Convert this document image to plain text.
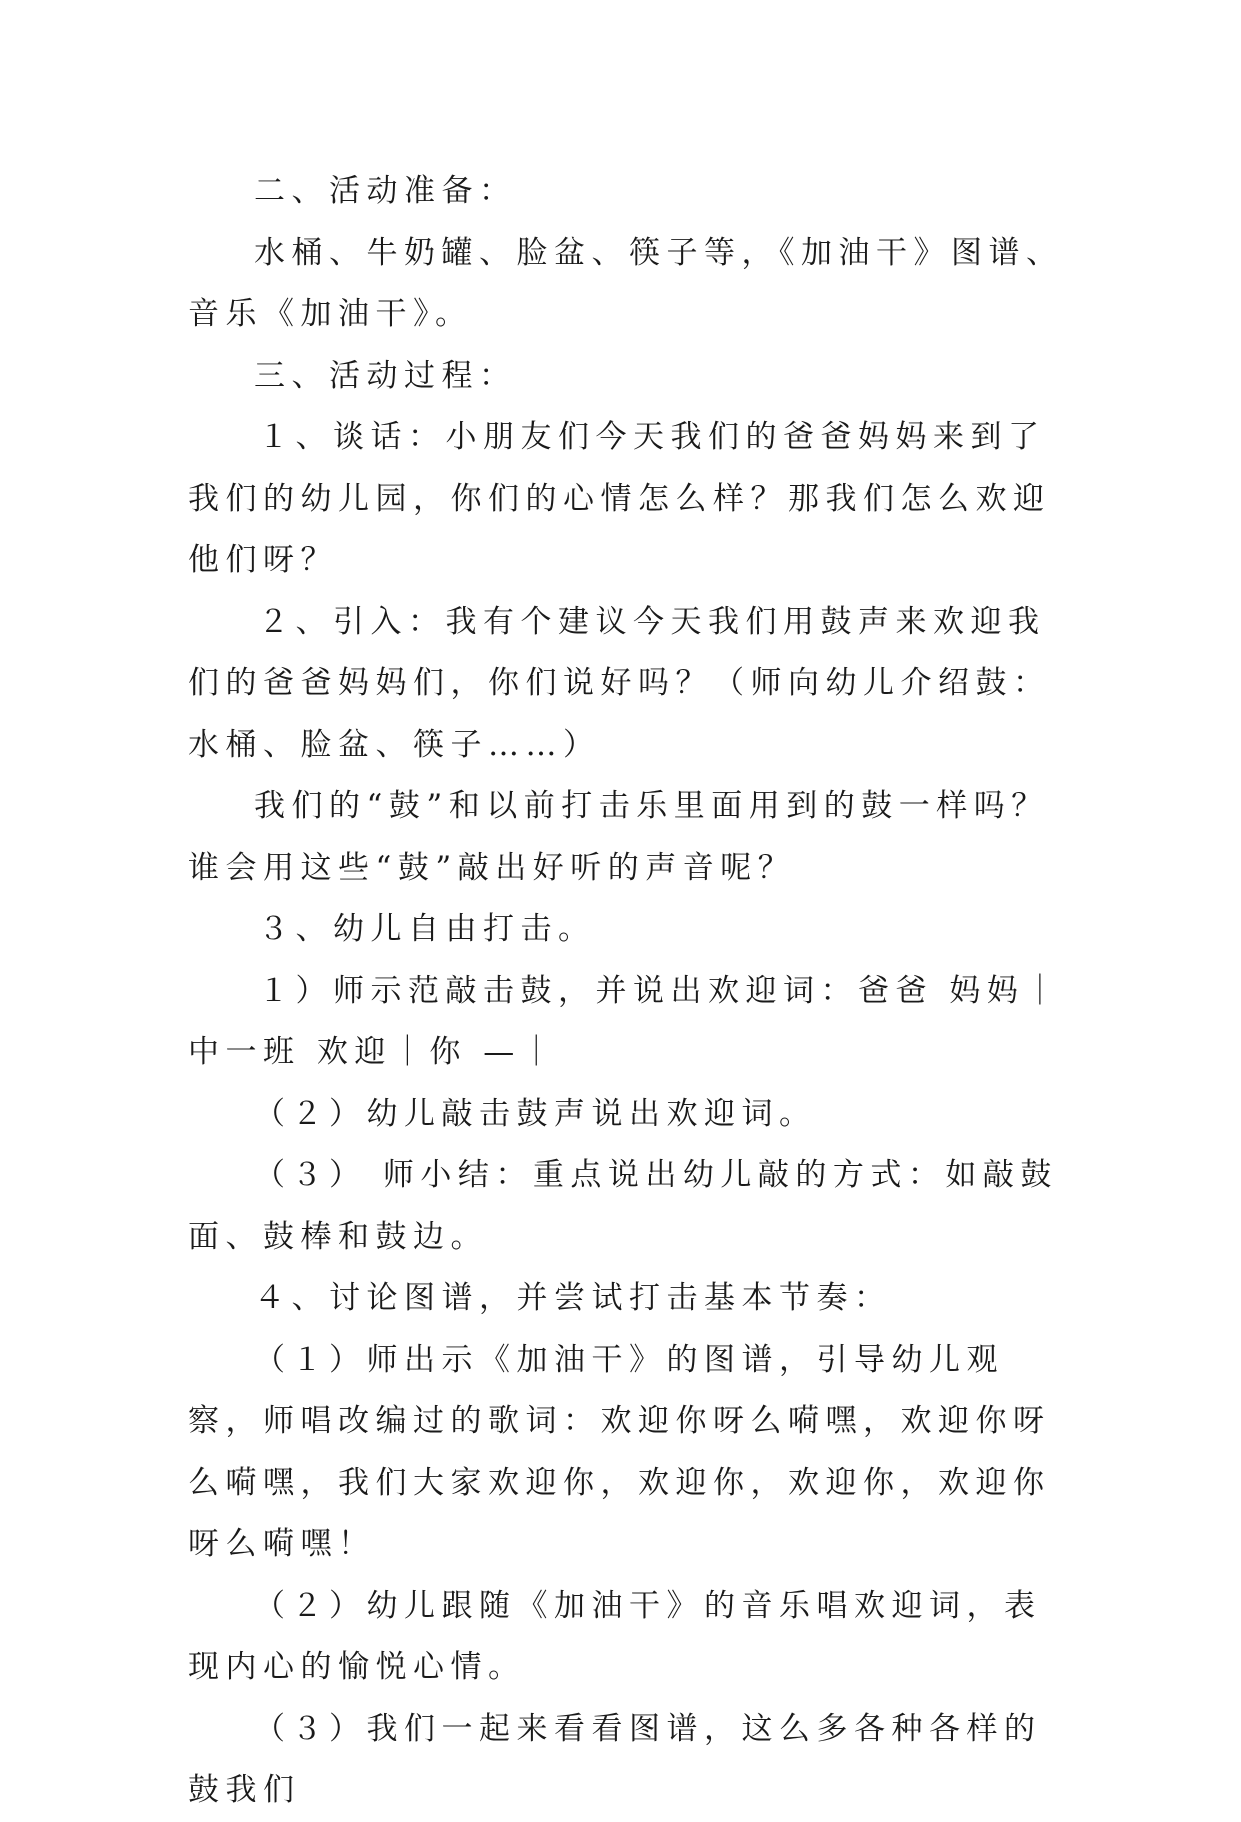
二、活动准备：

水桶、牛奶罐、脸盆、筷子等，《加油干》图谱、音乐《加油干》。

三、活动过程：

１、谈话：小朋友们今天我们的爸爸妈妈来到了我们的幼儿园，你们的心情怎么样？那我们怎么欢迎他们呀？

２、引入：我有个建议今天我们用鼓声来欢迎我们的爸爸妈妈们，你们说好吗？（师向幼儿介绍鼓：水桶、脸盆、筷子……）

我们的“鼓”和以前打击乐里面用到的鼓一样吗？谁会用这些“鼓”敲出好听的声音呢？

３、幼儿自由打击。

１）师示范敲击鼓，并说出欢迎词：爸爸 妈妈｜中一班 欢迎｜你 —｜

（２）幼儿敲击鼓声说出欢迎词。

（３） 师小结：重点说出幼儿敲的方式：如敲鼓面、鼓棒和鼓边。

４、讨论图谱，并尝试打击基本节奏：

（１）师出示《加油干》的图谱，引导幼儿观察，师唱改编过的歌词：欢迎你呀么嗬嘿，欢迎你呀么嗬嘿，我们大家欢迎你，欢迎你，欢迎你，欢迎你呀么嗬嘿！

（２）幼儿跟随《加油干》的音乐唱欢迎词，表现内心的愉悦心情。

（３）我们一起来看看图谱，这么多各种各样的鼓我们
